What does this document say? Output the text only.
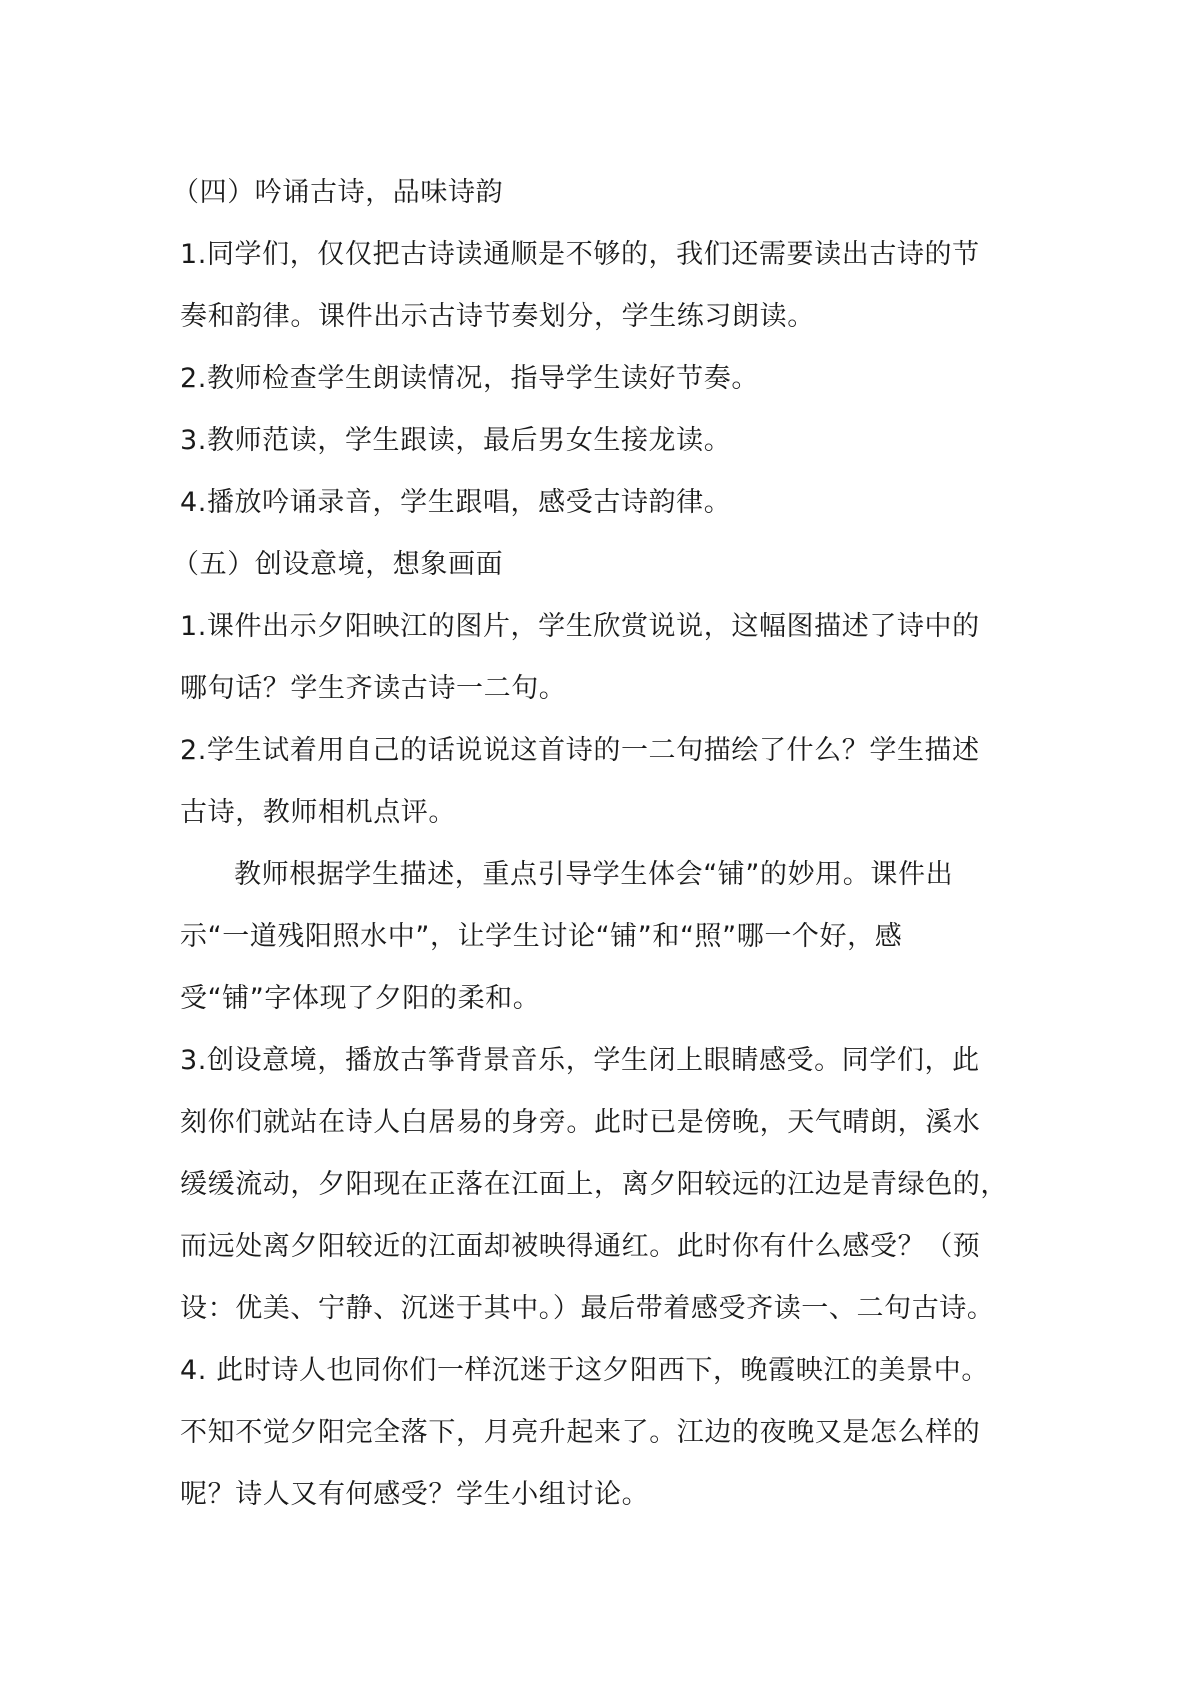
（四）吟诵古诗，品味诗韵
1.同学们，仅仅把古诗读通顺是不够的，我们还需要读出古诗的节
奏和韵律。课件出示古诗节奏划分，学生练习朗读。
2.教师检查学生朗读情况，指导学生读好节奏。
3.教师范读，学生跟读，最后男女生接龙读。
4.播放吟诵录音，学生跟唱，感受古诗韵律。
（五）创设意境，想象画面
1.课件出示夕阳映江的图片，学生欣赏说说，这幅图描述了诗中的
哪句话？学生齐读古诗一二句。
2.学生试着用自己的话说说这首诗的一二句描绘了什么？学生描述
古诗，教师相机点评。
教师根据学生描述，重点引导学生体会“铺”的妙用。课件出
示“一道残阳照水中”，让学生讨论“铺”和“照”哪一个好，感
受“铺”字体现了夕阳的柔和。
3.创设意境，播放古筝背景音乐，学生闭上眼睛感受。同学们，此
刻你们就站在诗人白居易的身旁。此时已是傍晚，天气晴朗，溪水
缓缓流动，夕阳现在正落在江面上，离夕阳较远的江边是青绿色的，
而远处离夕阳较近的江面却被映得通红。此时你有什么感受？（预
设：优美、宁静、沉迷于其中。）最后带着感受齐读一、二句古诗。
4. 此时诗人也同你们一样沉迷于这夕阳西下，晚霞映江的美景中。
不知不觉夕阳完全落下，月亮升起来了。江边的夜晚又是怎么样的
呢？诗人又有何感受？学生小组讨论。
